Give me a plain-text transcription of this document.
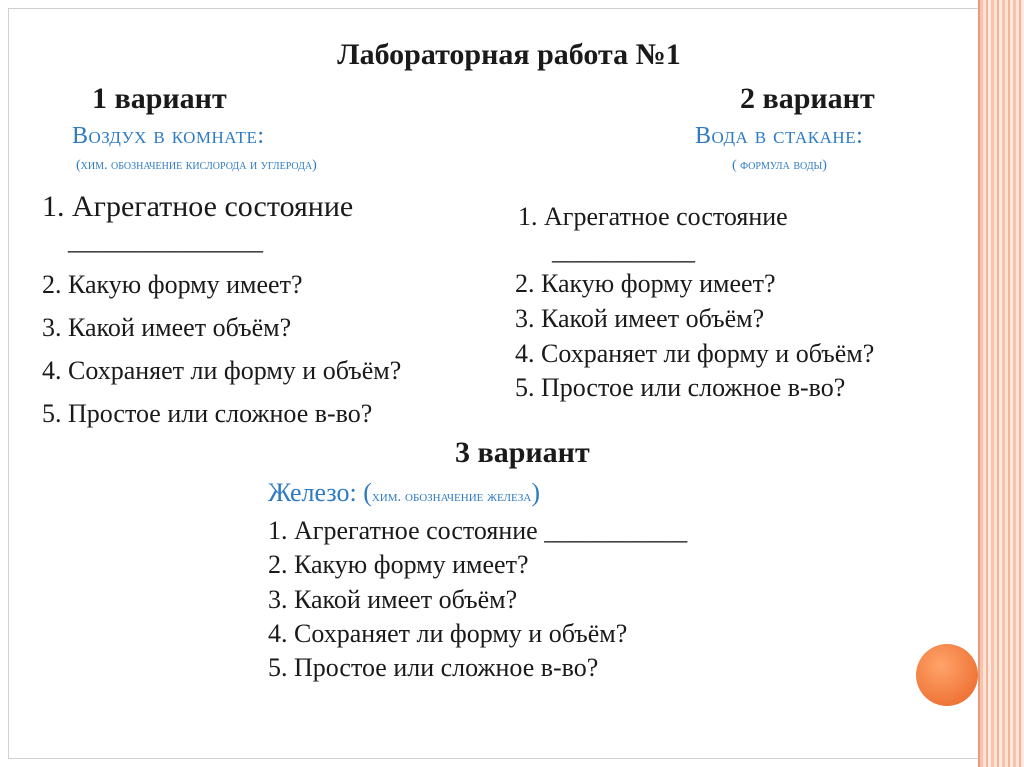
Лабораторная работа №1
1 вариант
Воздух в комнате:
(хим. обозначение кислорода и углерода)
1. Агрегатное состояние
_______________
2. Какую форму имеет?
3. Какой имеет объём?
4. Сохраняет ли форму и объём?
5. Простое или сложное в-во?
2 вариант
Вода в стакане:
( формула воды)
1. Агрегатное состояние
___________
2. Какую форму имеет?
3. Какой имеет объём?
4. Сохраняет ли форму и объём?
5. Простое или сложное в-во?
3 вариант
Железо: (хим. обозначение железа)
1. Агрегатное состояние ___________
2. Какую форму имеет?
3. Какой имеет объём?
4. Сохраняет ли форму и объём?
5. Простое или сложное в-во?
